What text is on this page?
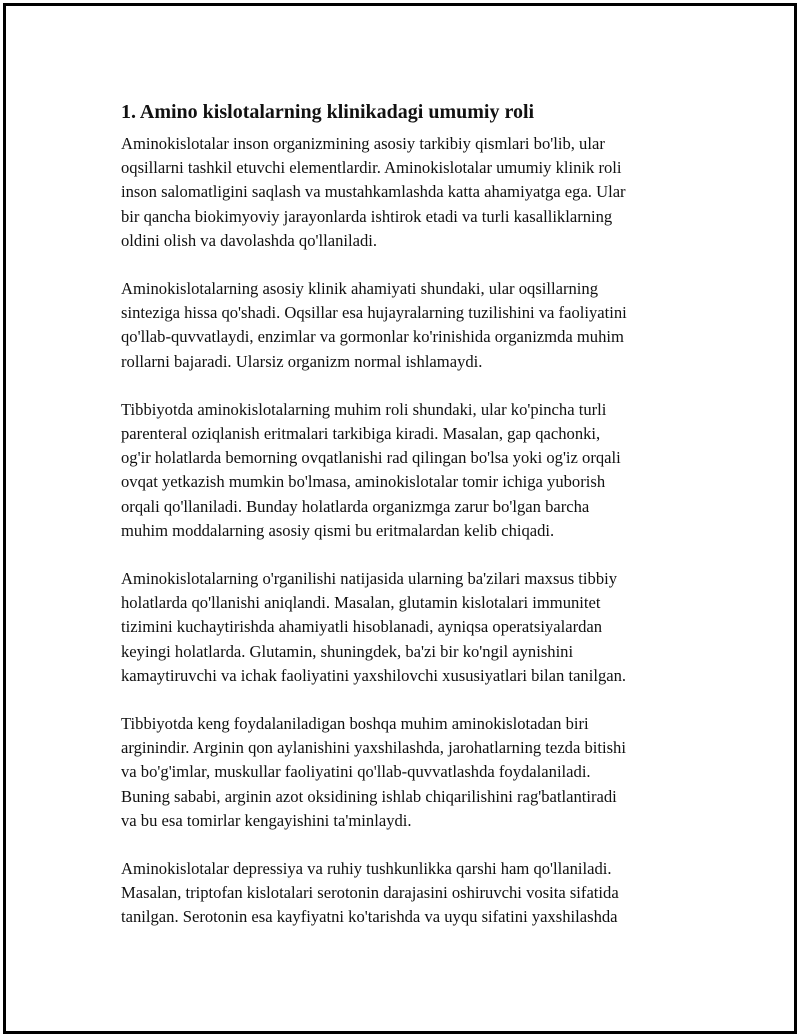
1. Amino kislotalarning klinikadagi umumiy roli

Aminokislotalar inson organizmining asosiy tarkibiy qismlari bo'lib, ular
oqsillarni tashkil etuvchi elementlardir. Aminokislotalar umumiy klinik roli
inson salomatligini saqlash va mustahkamlashda katta ahamiyatga ega. Ular
bir qancha biokimyoviy jarayonlarda ishtirok etadi va turli kasalliklarning
oldini olish va davolashda qo'llaniladi.

Aminokislotalarning asosiy klinik ahamiyati shundaki, ular oqsillarning
sinteziga hissa qo'shadi. Oqsillar esa hujayralarning tuzilishini va faoliyatini
qo'llab-quvvatlaydi, enzimlar va gormonlar ko'rinishida organizmda muhim
rollarni bajaradi. Ularsiz organizm normal ishlamaydi.

Tibbiyotda aminokislotalarning muhim roli shundaki, ular ko'pincha turli
parenteral oziqlanish eritmalari tarkibiga kiradi. Masalan, gap qachonki,
og'ir holatlarda bemorning ovqatlanishi rad qilingan bo'lsa yoki og'iz orqali
ovqat yetkazish mumkin bo'lmasa, aminokislotalar tomir ichiga yuborish
orqali qo'llaniladi. Bunday holatlarda organizmga zarur bo'lgan barcha
muhim moddalarning asosiy qismi bu eritmalardan kelib chiqadi.

Aminokislotalarning o'rganilishi natijasida ularning ba'zilari maxsus tibbiy
holatlarda qo'llanishi aniqlandi. Masalan, glutamin kislotalari immunitet
tizimini kuchaytirishda ahamiyatli hisoblanadi, ayniqsa operatsiyalardan
keyingi holatlarda. Glutamin, shuningdek, ba'zi bir ko'ngil aynishini
kamaytiruvchi va ichak faoliyatini yaxshilovchi xususiyatlari bilan tanilgan.

Tibbiyotda keng foydalaniladigan boshqa muhim aminokislotadan biri
arginindir. Arginin qon aylanishini yaxshilashda, jarohatlarning tezda bitishi
va bo'g'imlar, muskullar faoliyatini qo'llab-quvvatlashda foydalaniladi.
Buning sababi, arginin azot oksidining ishlab chiqarilishini rag'batlantiradi
va bu esa tomirlar kengayishini ta'minlaydi.

Aminokislotalar depressiya va ruhiy tushkunlikka qarshi ham qo'llaniladi.
Masalan, triptofan kislotalari serotonin darajasini oshiruvchi vosita sifatida
tanilgan. Serotonin esa kayfiyatni ko'tarishda va uyqu sifatini yaxshilashda
